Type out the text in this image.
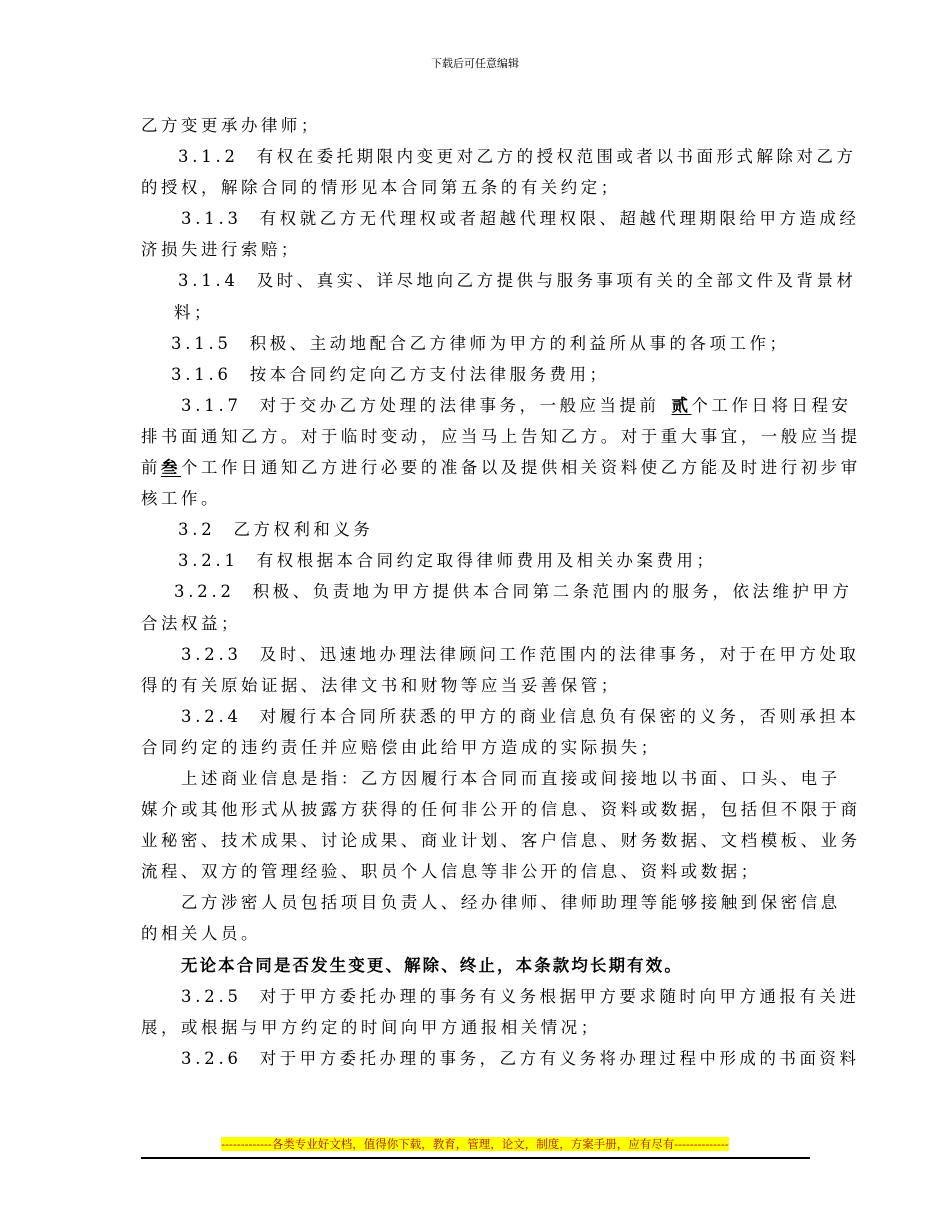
下载后可任意编辑

乙方变更承办律师；

3.1.2 有权在委托期限内变更对乙方的授权范围或者以书面形式解除对乙方

的授权，解除合同的情形见本合同第五条的有关约定；

3.1.3 有权就乙方无代理权或者超越代理权限、超越代理期限给甲方造成经

济损失进行索赔；

3.1.4 及时、真实、详尽地向乙方提供与服务事项有关的全部文件及背景材

料；

3.1.5 积极、主动地配合乙方律师为甲方的利益所从事的各项工作；

3.1.6 按本合同约定向乙方支付法律服务费用；

3.1.7 对于交办乙方处理的法律事务，一般应当提前 贰个工作日将日程安

排书面通知乙方。对于临时变动，应当马上告知乙方。对于重大事宜，一般应当提

前叁个工作日通知乙方进行必要的准备以及提供相关资料使乙方能及时进行初步审

核工作。

3.2 乙方权利和义务

3.2.1 有权根据本合同约定取得律师费用及相关办案费用；

3.2.2 积极、负责地为甲方提供本合同第二条范围内的服务，依法维护甲方

合法权益；

3.2.3 及时、迅速地办理法律顾问工作范围内的法律事务，对于在甲方处取

得的有关原始证据、法律文书和财物等应当妥善保管；

3.2.4 对履行本合同所获悉的甲方的商业信息负有保密的义务，否则承担本

合同约定的违约责任并应赔偿由此给甲方造成的实际损失；

上述商业信息是指：乙方因履行本合同而直接或间接地以书面、口头、电子

媒介或其他形式从披露方获得的任何非公开的信息、资料或数据，包括但不限于商

业秘密、技术成果、讨论成果、商业计划、客户信息、财务数据、文档模板、业务

流程、双方的管理经验、职员个人信息等非公开的信息、资料或数据；

乙方涉密人员包括项目负责人、经办律师、律师助理等能够接触到保密信息

的相关人员。

无论本合同是否发生变更、解除、终止，本条款均长期有效。

3.2.5 对于甲方委托办理的事务有义务根据甲方要求随时向甲方通报有关进

展，或根据与甲方约定的时间向甲方通报相关情况；

3.2.6 对于甲方委托办理的事务，乙方有义务将办理过程中形成的书面资料

-------------各类专业好文档，值得你下载，教育，管理，论文，制度，方案手册，应有尽有--------------
